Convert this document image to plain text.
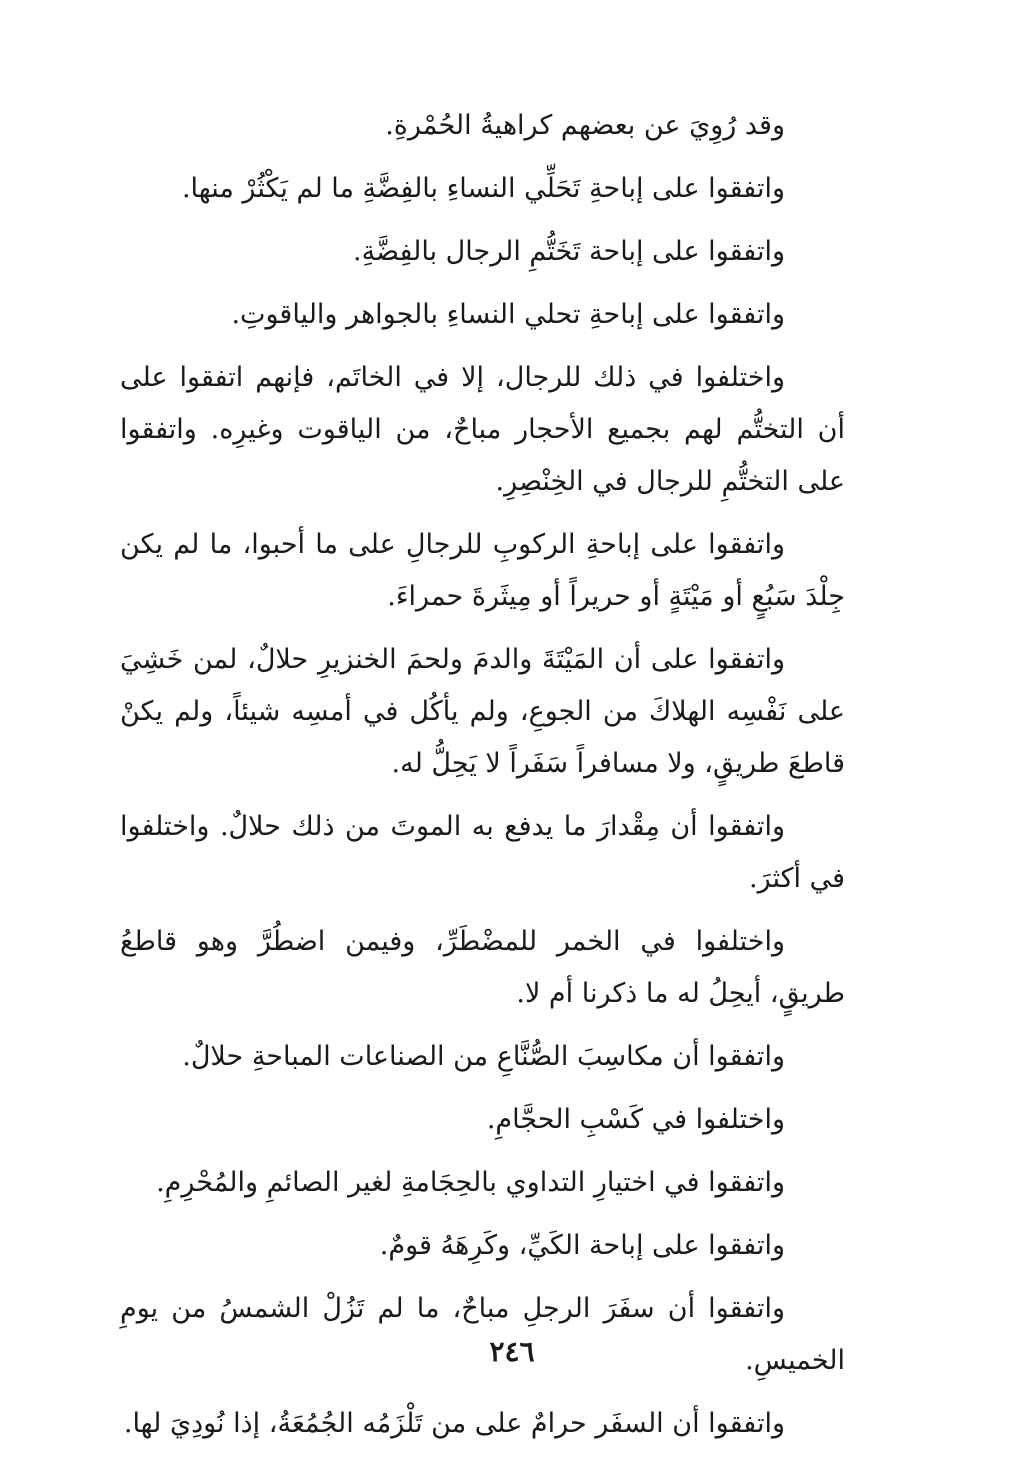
وقد رُوِيَ عن بعضهم كراهيةُ الحُمْرةِ.

واتفقوا على إباحةِ تَحَلِّي النساءِ بالفِضَّةِ ما لم يَكْثُرْ منها.

واتفقوا على إباحة تَخَتُّمِ الرجال بالفِضَّةِ.

واتفقوا على إباحةِ تحلي النساءِ بالجواهر والياقوتِ.

واختلفوا في ذلك للرجال، إلا في الخاتَم، فإنهم اتفقوا على أن التختُّم لهم بجميع الأحجار مباحٌ، من الياقوت وغيرِه. واتفقوا على التختُّمِ للرجال في الخِنْصِرِ.

واتفقوا على إباحةِ الركوبِ للرجالِ على ما أحبوا، ما لم يكن جِلْدَ سَبُعٍ أو مَيْتَةٍ أو حريراً أو مِيثَرةَ حمراءَ.

واتفقوا على أن المَيْتَةَ والدمَ ولحمَ الخنزيرِ حلالٌ، لمن خَشِيَ على نَفْسِه الهلاكَ من الجوعِ، ولم يأكُل في أمسِه شيئاً، ولم يكنْ قاطعَ طريقٍ، ولا مسافراً سَفَراً لا يَحِلُّ له.

واتفقوا أن مِقْدارَ ما يدفع به الموتَ من ذلك حلالٌ. واختلفوا في أكثرَ.

واختلفوا في الخمر للمضْطَرِّ، وفيمن اضطُرَّ وهو قاطعُ طريقٍ، أيحِلُ له ما ذكرنا أم لا.

واتفقوا أن مكاسِبَ الصُّنَّاعِ من الصناعات المباحةِ حلالٌ.

واختلفوا في كَسْبِ الحجَّامِ.

واتفقوا في اختيارِ التداوي بالحِجَامةِ لغير الصائمِ والمُحْرِمِ.

واتفقوا على إباحة الكَيِّ، وكَرِهَهُ قومٌ.

واتفقوا أن سفَرَ الرجلِ مباحٌ، ما لم تَزُلْ الشمسُ من يومِ الخميسِ.

واتفقوا أن السفَر حرامٌ على من تَلْزَمُه الجُمُعَةُ، إذا نُودِيَ لها.

٢٤٦
